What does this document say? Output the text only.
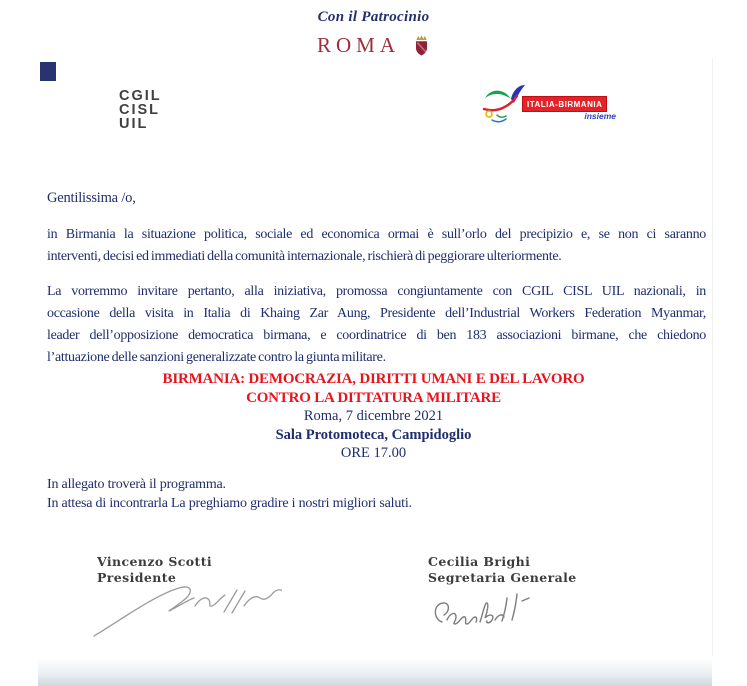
Con il Patrocinio
ROMA
CGIL
CISL
UIL
ITALIA-BIRMANIA
insieme
Gentilissima /o,
in Birmania la situazione politica, sociale ed economica ormai è sull’orlo del precipizio e, se non ci saranno
interventi, decisi ed immediati della comunità internazionale, rischierà di peggiorare ulteriormente.
La vorremmo invitare pertanto, alla iniziativa, promossa congiuntamente con CGIL CISL UIL nazionali, in
occasione della visita in Italia di Khaing Zar Aung, Presidente dell’Industrial Workers Federation Myanmar,
leader dell’opposizione democratica birmana, e coordinatrice di ben 183 associazioni birmane, che chiedono
l’attuazione delle sanzioni generalizzate contro la giunta militare.
BIRMANIA: DEMOCRAZIA, DIRITTI UMANI E DEL LAVORO
CONTRO LA DITTATURA MILITARE
Roma, 7 dicembre 2021
Sala Protomoteca, Campidoglio
ORE 17.00
In allegato troverà il programma.
In attesa di incontrarla La preghiamo gradire i nostri migliori saluti.
Vincenzo Scotti
Presidente
Cecilia Brighi
Segretaria Generale
